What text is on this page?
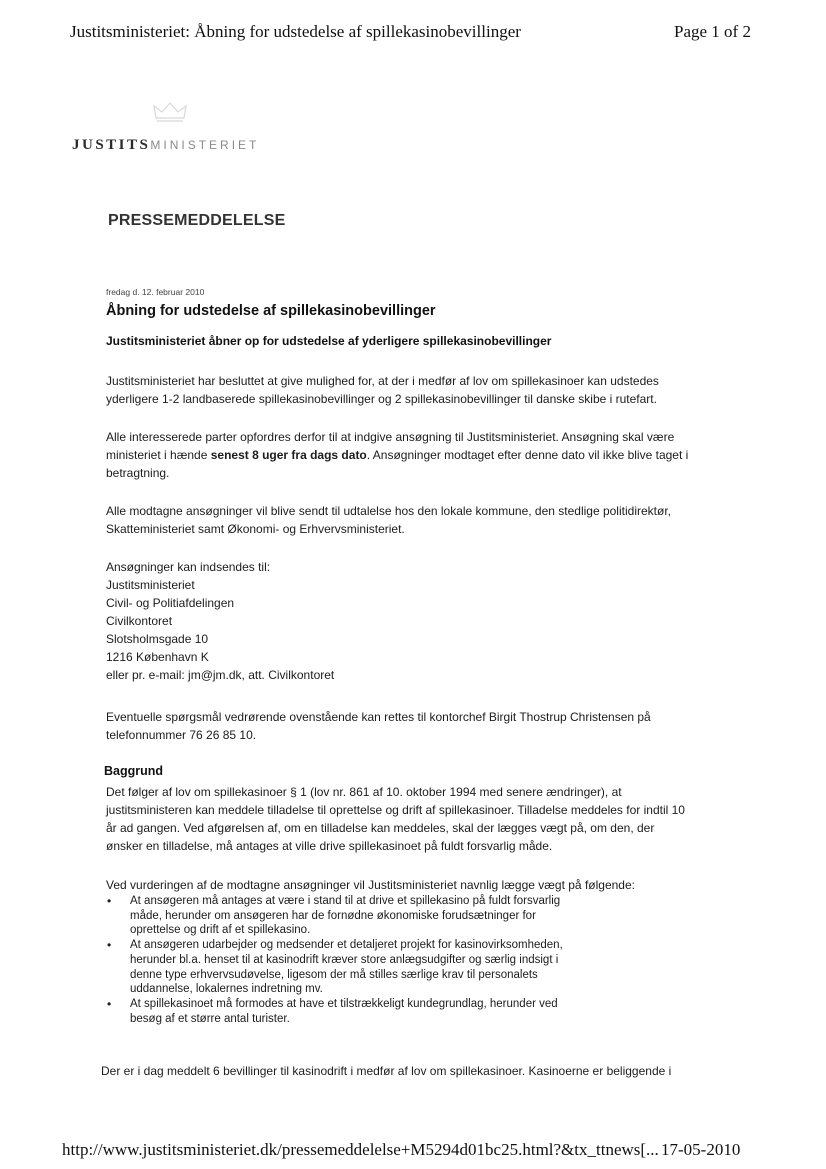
Justitsministeriet: Åbning for udstedelse af spillekasinobevillinger	Page 1 of 2
JUSTITSMINISTERIET
PRESSEMEDDELELSE
fredag d. 12. februar 2010
Åbning for udstedelse af spillekasinobevillinger
Justitsministeriet åbner op for udstedelse af yderligere spillekasinobevillinger
Justitsministeriet har besluttet at give mulighed for, at der i medfør af lov om spillekasinoer kan udstedes
yderligere 1-2 landbaserede spillekasinobevillinger og 2 spillekasinobevillinger til danske skibe i rutefart.
Alle interesserede parter opfordres derfor til at indgive ansøgning til Justitsministeriet. Ansøgning skal være
ministeriet i hænde senest 8 uger fra dags dato. Ansøgninger modtaget efter denne dato vil ikke blive taget i
betragtning.
Alle modtagne ansøgninger vil blive sendt til udtalelse hos den lokale kommune, den stedlige politidirektør,
Skatteministeriet samt Økonomi- og Erhvervsministeriet.
Ansøgninger kan indsendes til:
Justitsministeriet
Civil- og Politiafdelingen
Civilkontoret
Slotsholmsgade 10
1216 København K
eller pr. e-mail: jm@jm.dk, att. Civilkontoret
Eventuelle spørgsmål vedrørende ovenstående kan rettes til kontorchef Birgit Thostrup Christensen på
telefonnummer 76 26 85 10.
Baggrund
Det følger af lov om spillekasinoer § 1 (lov nr. 861 af 10. oktober 1994 med senere ændringer), at
justitsministeren kan meddele tilladelse til oprettelse og drift af spillekasinoer. Tilladelse meddeles for indtil 10
år ad gangen. Ved afgørelsen af, om en tilladelse kan meddeles, skal der lægges vægt på, om den, der
ønsker en tilladelse, må antages at ville drive spillekasinoet på fuldt forsvarlig måde.
Ved vurderingen af de modtagne ansøgninger vil Justitsministeriet navnlig lægge vægt på følgende:
• At ansøgeren må antages at være i stand til at drive et spillekasino på fuldt forsvarlig
måde, herunder om ansøgeren har de fornødne økonomiske forudsætninger for
oprettelse og drift af et spillekasino.
• At ansøgeren udarbejder og medsender et detaljeret projekt for kasinovirksomheden,
herunder bl.a. henset til at kasinodrift kræver store anlægsudgifter og særlig indsigt i
denne type erhvervsudøvelse, ligesom der må stilles særlige krav til personalets
uddannelse, lokalernes indretning mv.
• At spillekasinoet må formodes at have et tilstrækkeligt kundegrundlag, herunder ved
besøg af et større antal turister.
Der er i dag meddelt 6 bevillinger til kasinodrift i medfør af lov om spillekasinoer. Kasinoerne er beliggende i
http://www.justitsministeriet.dk/pressemeddelelse+M5294d01bc25.html?&tx_ttnews[... 17-05-2010
